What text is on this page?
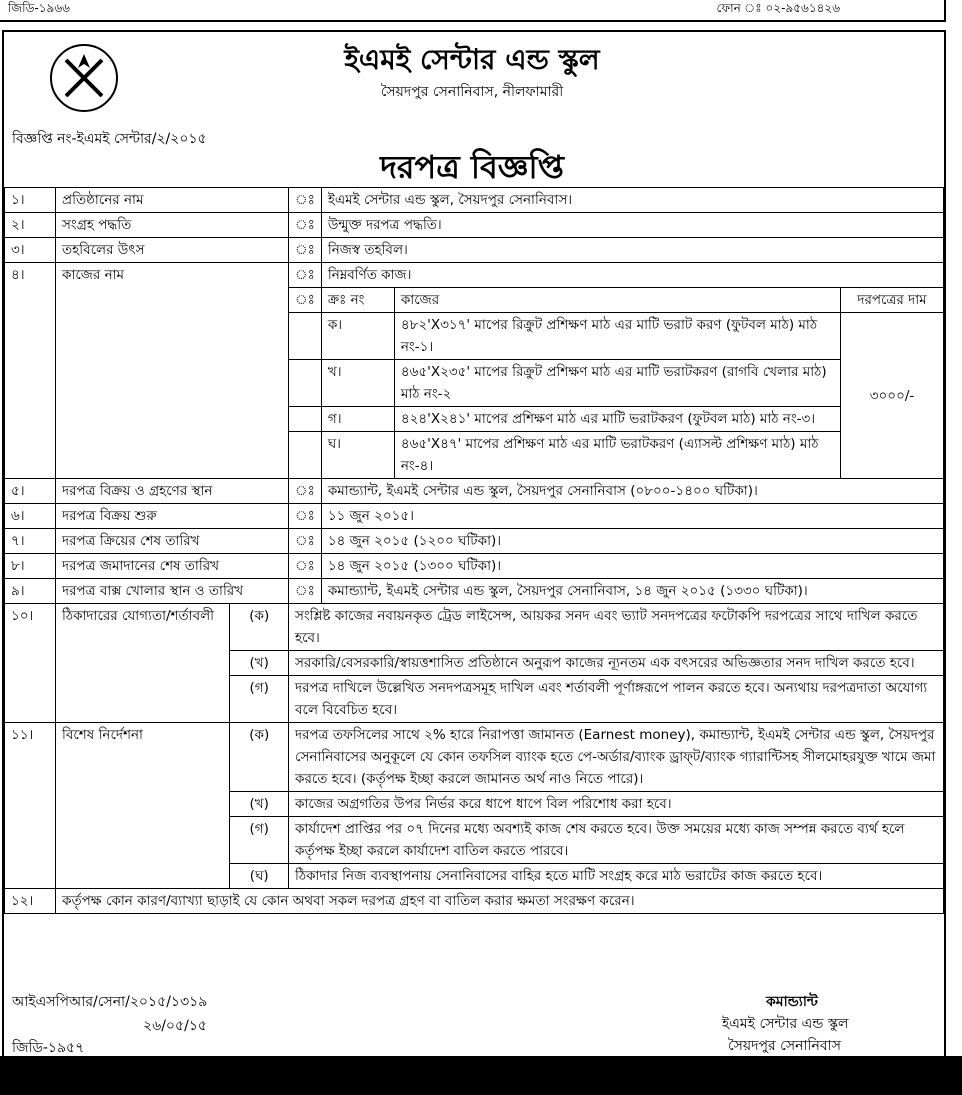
জিডি-১৯৬৬	ফোন ঃ ০২-৯৫৬১৪২৬
ইএমই সেন্টার এন্ড স্কুল
সৈয়দপুর সেনানিবাস, নীলফামারী
বিজ্ঞপ্তি নং-ইএমই সেন্টার/২/২০১৫
দরপত্র বিজ্ঞপ্তি
১।	প্রতিষ্ঠানের নাম		ঃ	ইএমই সেন্টার এন্ড স্কুল, সৈয়দপুর সেনানিবাস।		
২।	সংগ্রহ পদ্ধতি		ঃ	উন্মুক্ত দরপত্র পদ্ধতি।		
৩।	তহবিলের উৎস		ঃ	নিজস্ব তহবিল।		
৪।	কাজের নাম		ঃ	নিম্নবর্ণিত কাজ।		
			ঃ	ক্রঃ নং	কাজের	দরপত্রের দাম
				ক।	৪৮২'X৩১৭' মাপের রিক্রুট প্রশিক্ষণ মাঠ এর মাটি ভরাট করণ (ফুটবল মাঠ) মাঠ নং-১।	৩০০০/-
				খ।	৪৬৫'X২৩৫' মাপের রিক্রুট প্রশিক্ষণ মাঠ এর মাটি ভরাটকরণ (রাগবি খেলার মাঠ) মাঠ নং-২	
				গ।	৪২৪'X২৪১' মাপের প্রশিক্ষণ মাঠ এর মাটি ভরাটকরণ (ফুটবল মাঠ) মাঠ নং-৩।	
				ঘ।	৪৬৫'X৪৭' মাপের প্রশিক্ষণ মাঠ এর মাটি ভরাটকরণ (এ্যাসল্ট প্রশিক্ষণ মাঠ) মাঠ নং-৪।	
৫।	দরপত্র বিক্রয় ও গ্রহণের স্থান		ঃ	কমান্ড্যান্ট, ইএমই সেন্টার এন্ড স্কুল, সৈয়দপুর সেনানিবাস (০৮০০-১৪০০ ঘটিকা)।		
৬।	দরপত্র বিক্রয় শুরু		ঃ	১১ জুন ২০১৫।		
৭।	দরপত্র ক্রিয়ের শেষ তারিখ		ঃ	১৪ জুন ২০১৫ (১২০০ ঘটিকা)।		
৮।	দরপত্র জমাদানের শেষ তারিখ		ঃ	১৪ জুন ২০১৫ (১৩০০ ঘটিকা)।		
৯।	দরপত্র বাক্স খোলার স্থান ও তারিখ		ঃ	কমান্ড্যান্ট, ইএমই সেন্টার এন্ড স্কুল, সৈয়দপুর সেনানিবাস, ১৪ জুন ২০১৫ (১৩৩০ ঘটিকা)।		
১০।	ঠিকাদারের যোগ্যতা/শর্তাবলী	(ক)	সংশ্লিষ্ট কাজের নবায়নকৃত ট্রেড লাইসেন্স, আয়কর সনদ এবং ভ্যাট সনদপত্রের ফটোকপি দরপত্রের সাথে দাখিল করতে হবে।			
		(খ)	সরকারি/বেসরকারি/স্বায়ত্তশাসিত প্রতিষ্ঠানে অনুরূপ কাজের ন্যূনতম এক বৎসরের অভিজ্ঞতার সনদ দাখিল করতে হবে।			
		(গ)	দরপত্র দাখিলে উল্লেখিত সনদপত্রসমূহ দাখিল এবং শর্তাবলী পূর্ণাঙ্গরূপে পালন করতে হবে। অন্যথায় দরপত্রদাতা অযোগ্য বলে বিবেচিত হবে।			
১১।	বিশেষ নির্দেশনা	(ক)	দরপত্র তফসিলের সাথে ২% হারে নিরাপত্তা জামানত (Earnest money), কমান্ড্যান্ট, ইএমই সেন্টার এন্ড স্কুল, সৈয়দপুর সেনানিবাসের অনুকূলে যে কোন তফসিল ব্যাংক হতে পে-অর্ডার/ব্যাংক ড্রাফ্‌ট/ব্যাংক গ্যারান্টিসহ সীলমোহরযুক্ত খামে জমা করতে হবে। (কর্তৃপক্ষ ইচ্ছা করলে জামানত অর্থ নাও নিতে পারে)।			
		(খ)	কাজের অগ্রগতির উপর নির্ভর করে ধাপে ধাপে বিল পরিশোধ করা হবে।			
		(গ)	কার্যাদেশ প্রাপ্তির পর ০৭ দিনের মধ্যে অবশ্যই কাজ শেষ করতে হবে। উক্ত সময়ের মধ্যে কাজ সম্পন্ন করতে ব্যর্থ হলে কর্তৃপক্ষ ইচ্ছা করলে কার্যাদেশ বাতিল করতে পারবে।			
		(ঘ)	ঠিকাদার নিজ ব্যবস্থাপনায় সেনানিবাসের বাহির হতে মাটি সংগ্রহ করে মাঠ ভরাটের কাজ করতে হবে।			
১২।	কর্তৃপক্ষ কোন কারণ/ব্যাখ্যা ছাড়াই যে কোন অথবা সকল দরপত্র গ্রহণ বা বাতিল করার ক্ষমতা সংরক্ষণ করেন।					
আইএসপিআর/সেনা/২০১৫/১৩১৯
২৬/০৫/১৫
জিডি-১৯৫৭
কমান্ড্যান্ট
ইএমই সেন্টার এন্ড স্কুল
সৈয়দপুর সেনানিবাস
